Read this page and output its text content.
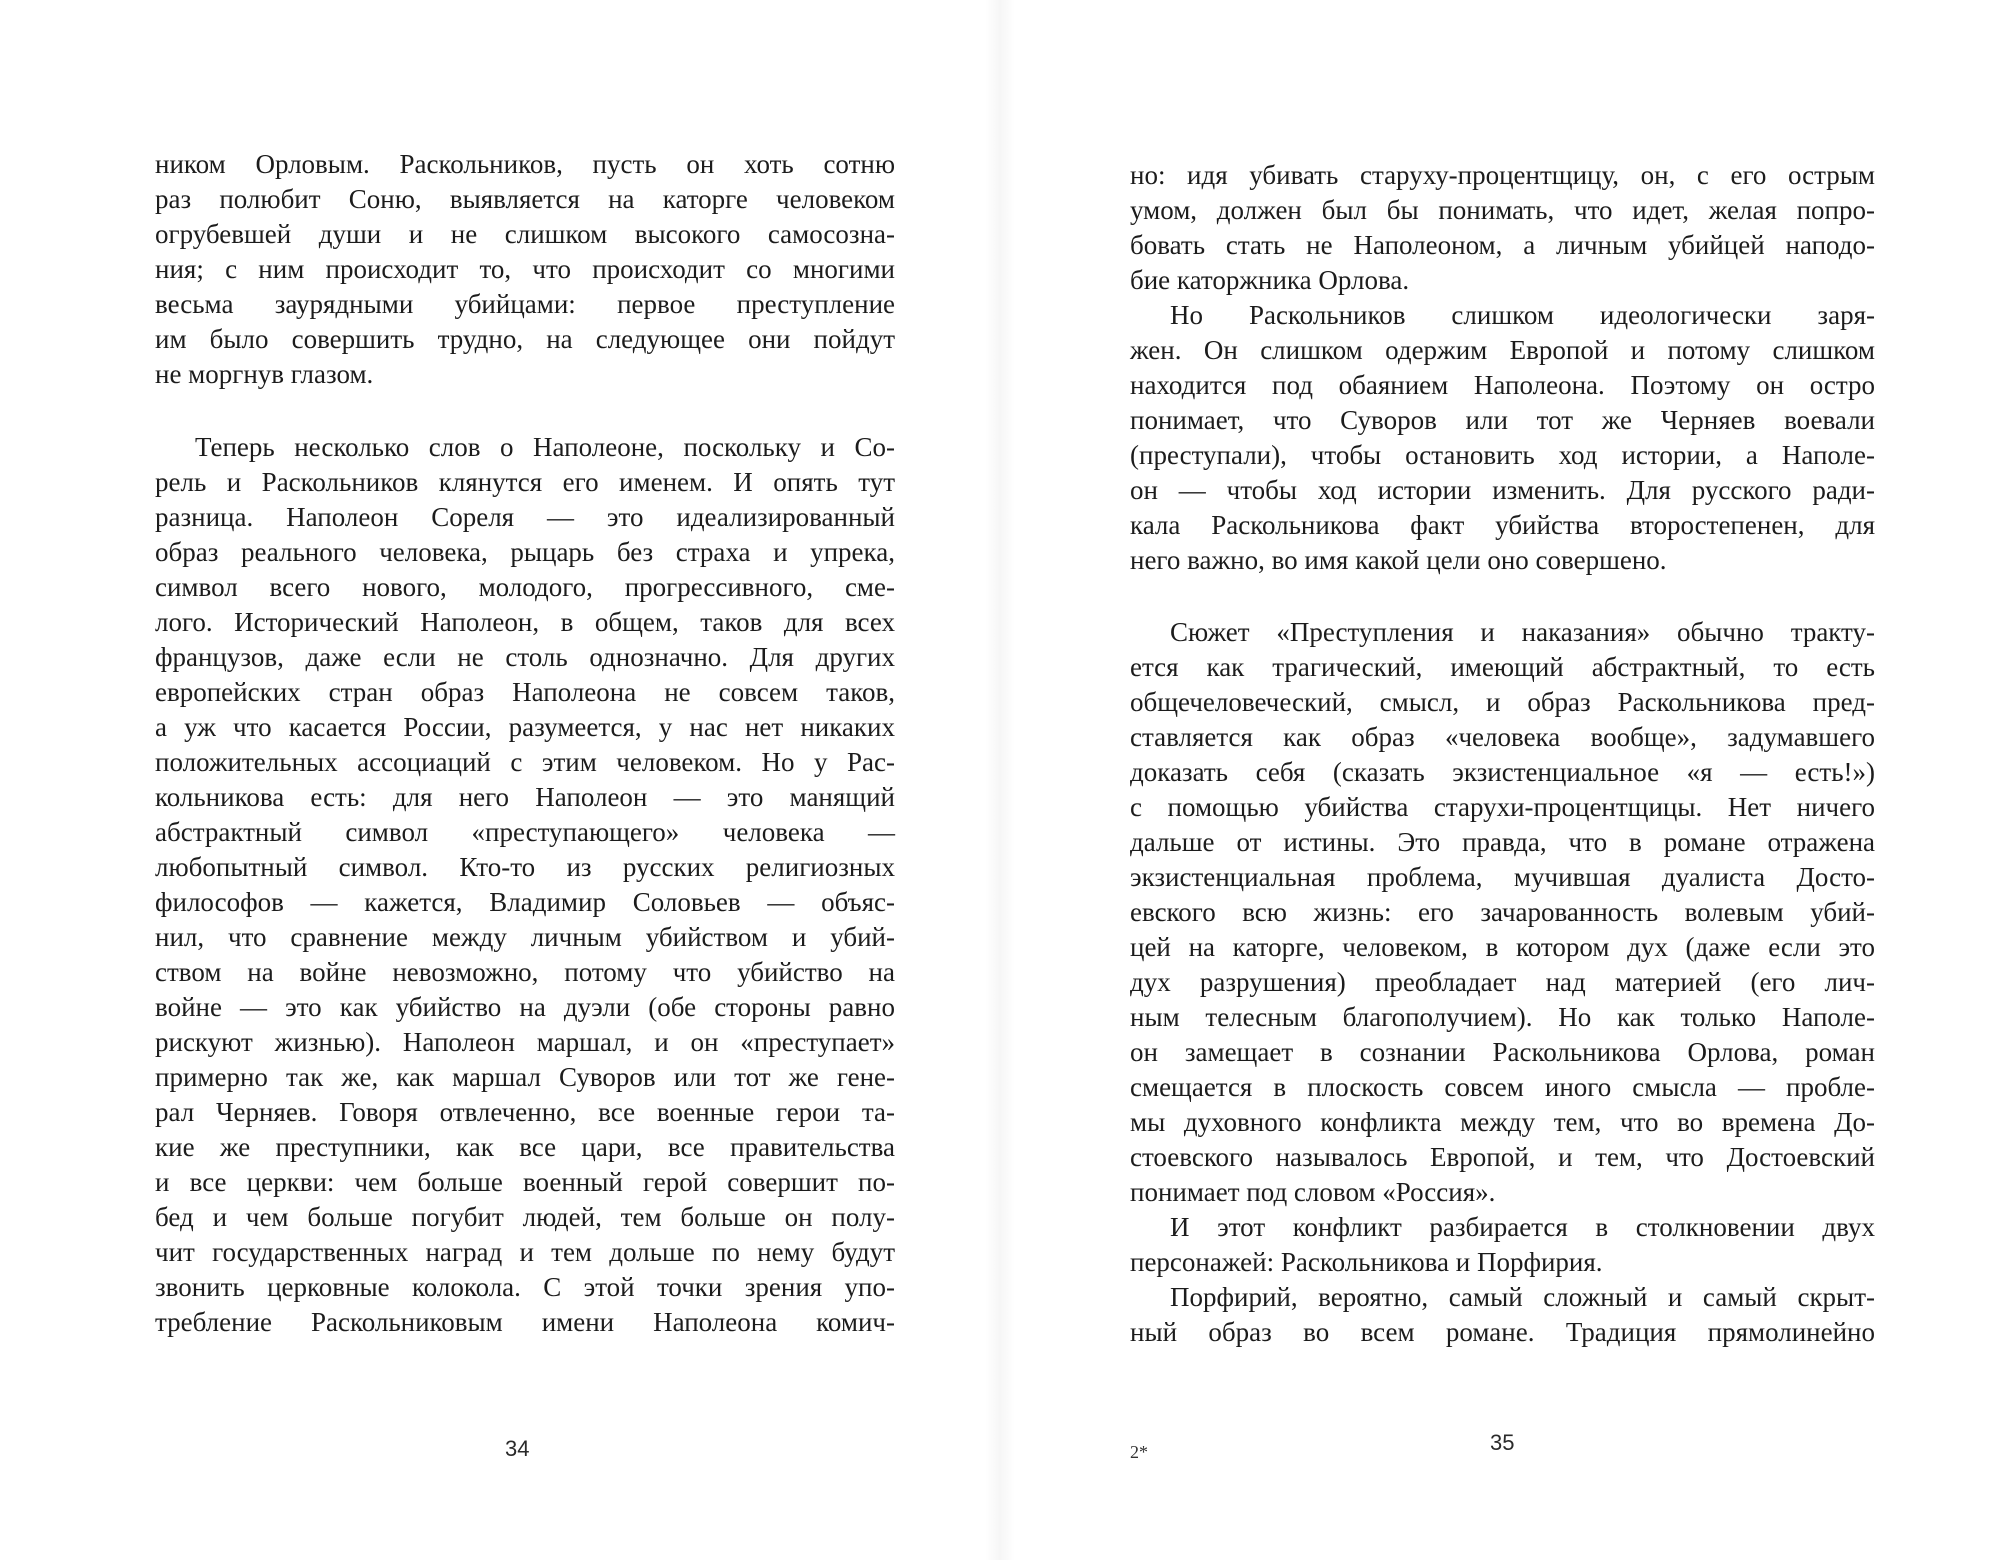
ником Орловым. Раскольников, пусть он хоть сотню
раз полюбит Соню, выявляется на каторге человеком
огрубевшей души и не слишком высокого самосозна-
ния; с ним происходит то, что происходит со многими
весьма заурядными убийцами: первое преступление
им было совершить трудно, на следующее они пойдут
не моргнув глазом.
Теперь несколько слов о Наполеоне, поскольку и Со-
рель и Раскольников клянутся его именем. И опять тут
разница. Наполеон Сореля — это идеализированный
образ реального человека, рыцарь без страха и упрека,
символ всего нового, молодого, прогрессивного, сме-
лого. Исторический Наполеон, в общем, таков для всех
французов, даже если не столь однозначно. Для других
европейских стран образ Наполеона не совсем таков,
а уж что касается России, разумеется, у нас нет никаких
положительных ассоциаций с этим человеком. Но у Рас-
кольникова есть: для него Наполеон — это манящий
абстрактный символ «преступающего» человека —
любопытный символ. Кто-то из русских религиозных
философов — кажется, Владимир Соловьев — объяс-
нил, что сравнение между личным убийством и убий-
ством на войне невозможно, потому что убийство на
войне — это как убийство на дуэли (обе стороны равно
рискуют жизнью). Наполеон маршал, и он «преступает»
примерно так же, как маршал Суворов или тот же гене-
рал Черняев. Говоря отвлеченно, все военные герои та-
кие же преступники, как все цари, все правительства
и все церкви: чем больше военный герой совершит по-
бед и чем больше погубит людей, тем больше он полу-
чит государственных наград и тем дольше по нему будут
звонить церковные колокола. С этой точки зрения упо-
требление Раскольниковым имени Наполеона комич-
34
но: идя убивать старуху-процентщицу, он, с его острым
умом, должен был бы понимать, что идет, желая попро-
бовать стать не Наполеоном, а личным убийцей наподо-
бие каторжника Орлова.
Но Раскольников слишком идеологически заря-
жен. Он слишком одержим Европой и потому слишком
находится под обаянием Наполеона. Поэтому он остро
понимает, что Суворов или тот же Черняев воевали
(преступали), чтобы остановить ход истории, а Наполе-
он — чтобы ход истории изменить. Для русского ради-
кала Раскольникова факт убийства второстепенен, для
него важно, во имя какой цели оно совершено.
Сюжет «Преступления и наказания» обычно тракту-
ется как трагический, имеющий абстрактный, то есть
общечеловеческий, смысл, и образ Раскольникова пред-
ставляется как образ «человека вообще», задумавшего
доказать себя (сказать экзистенциальное «я — есть!»)
с помощью убийства старухи-процентщицы. Нет ничего
дальше от истины. Это правда, что в романе отражена
экзистенциальная проблема, мучившая дуалиста Досто-
евского всю жизнь: его зачарованность волевым убий-
цей на каторге, человеком, в котором дух (даже если это
дух разрушения) преобладает над материей (его лич-
ным телесным благополучием). Но как только Наполе-
он замещает в сознании Раскольникова Орлова, роман
смещается в плоскость совсем иного смысла — пробле-
мы духовного конфликта между тем, что во времена До-
стоевского называлось Европой, и тем, что Достоевский
понимает под словом «Россия».
И этот конфликт разбирается в столкновении двух
персонажей: Раскольникова и Порфирия.
Порфирий, вероятно, самый сложный и самый скрыт-
ный образ во всем романе. Традиция прямолинейно
2*	35
